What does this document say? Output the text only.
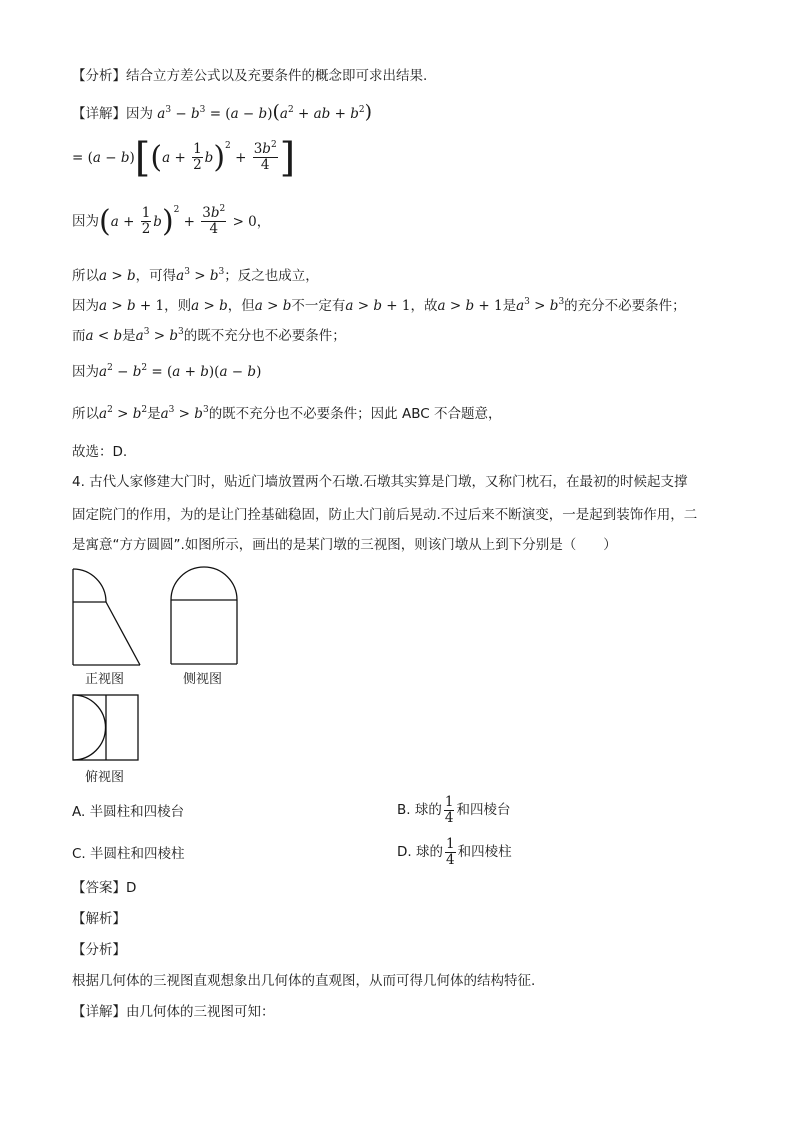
【分析】结合立方差公式以及充要条件的概念即可求出结果.
【详解】因为 $a^3 - b^3 = (a - b)(a^2$ + ab + $b^2$)
= $(a - b)[(a + \frac{1}{2} b)^2 + \frac{3b^2}{4}$ ]
因为$(a + \frac{1}{2} b)^2 + \frac{3b^2}{4} > 0$，
所以a > b，可得$a^3 > b^3$；反之也成立，
因为a > b + 1，则a > b，但a > b不一定有a > b + 1，故a > b + 1是$a^3 > b^3$的充分不必要条件；
而a < b是$a^3 > b^3$的既不充分也不必要条件；
因为$a^2 - b^2 = (a + b)(a - b)$
所以$a^2 > b^2$是$a^3 > b^3$的既不充分也不必要条件；因此 ABC 不合题意，
故选：D.
4. 古代人家修建大门时，贴近门墙放置两个石墩.石墩其实算是门墩，又称门枕石，在最初的时候起支撑
固定院门的作用，为的是让门拴基础稳固，防止大门前后晃动.不过后来不断演变，一是起到装饰作用，二
是寓意“方方圆圆”.如图所示，画出的是某门墩的三视图，则该门墩从上到下分别是（　　）
正视图	侧视图
俯视图
A. 半圆柱和四棱台	B. 球的 $\frac{1}{4}$ 和四棱台
C. 半圆柱和四棱柱	D. 球的 $\frac{1}{4}$ 和四棱柱
【答案】D
【解析】
【分析】
根据几何体的三视图直观想象出几何体的直观图，从而可得几何体的结构特征.
【详解】由几何体的三视图可知：
